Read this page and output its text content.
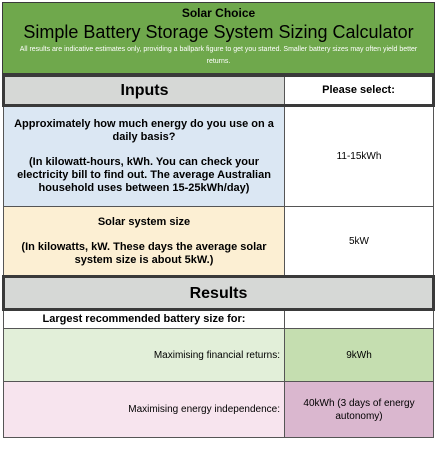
Solar Choice
Simple Battery Storage System Sizing Calculator
All results are indicative estimates only, providing a ballpark figure to get you started. Smaller battery sizes may often yield better returns.
Inputs	Please select:
Approximately how much energy do you use on a daily basis?
(In kilowatt-hours, kWh. You can check your electricity bill to find out. The average Australian household uses between 15-25kWh/day)	11-15kWh
Solar system size
(In kilowatts, kW. These days the average solar system size is about 5kW.)	5kW
Results	
Largest recommended battery size for:	
Maximising financial returns:	9kWh
Maximising energy independence:	40kWh (3 days of energy autonomy)
